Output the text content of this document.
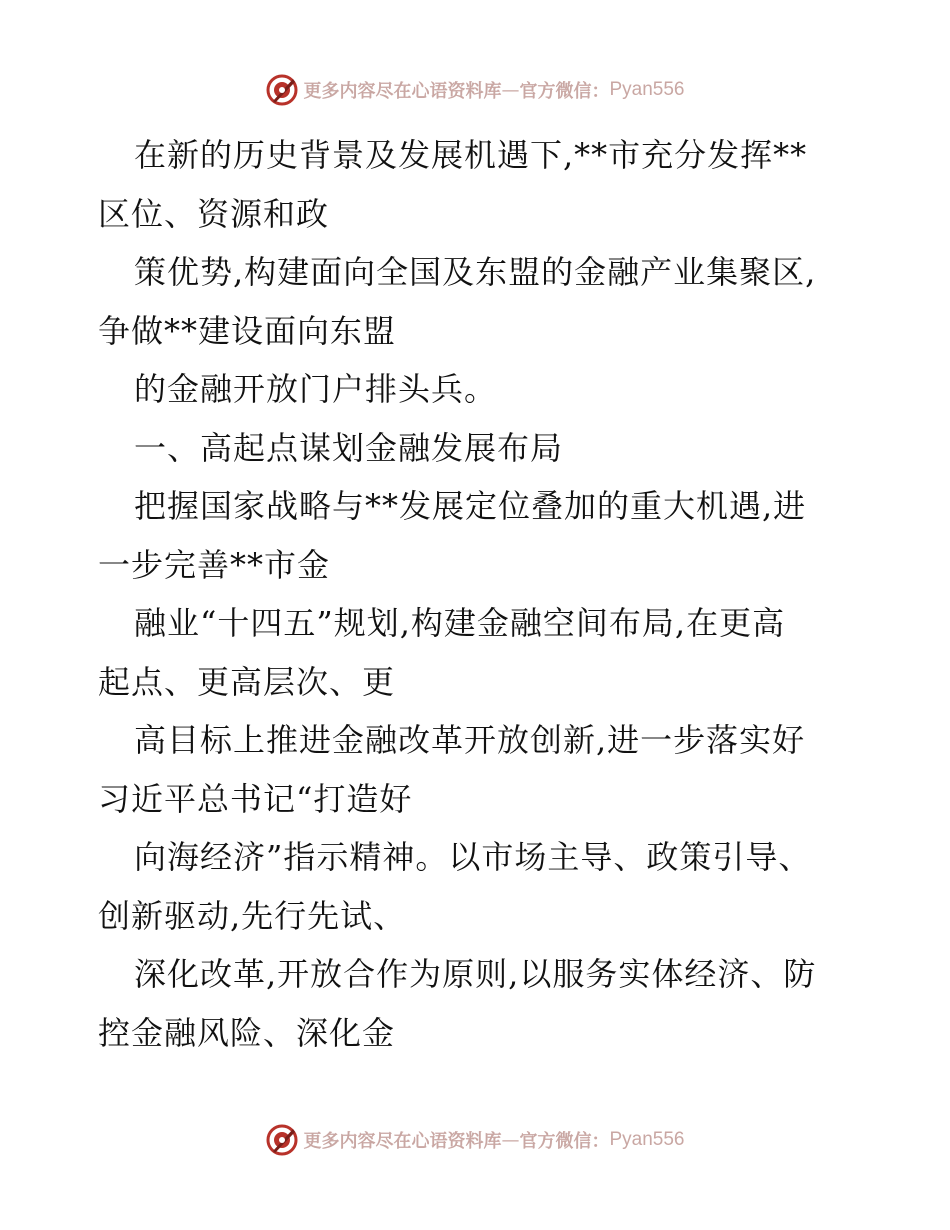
更多内容尽在心语资料库 — 官方微信： Pyan556
在新的历史背景及发展机遇下,**市充分发挥**
区位、资源和政
策优势,构建面向全国及东盟的金融产业集聚区,
争做**建设面向东盟
的金融开放门户排头兵。
一、高起点谋划金融发展布局
把握国家战略与**发展定位叠加的重大机遇,进
一步完善**市金
融业“十四五”规划,构建金融空间布局,在更高
起点、更高层次、更
高目标上推进金融改革开放创新,进一步落实好
习近平总书记“打造好
向海经济”指示精神。以市场主导、政策引导、
创新驱动,先行先试、
深化改革,开放合作为原则,以服务实体经济、防
控金融风险、深化金
更多内容尽在心语资料库 — 官方微信： Pyan556
